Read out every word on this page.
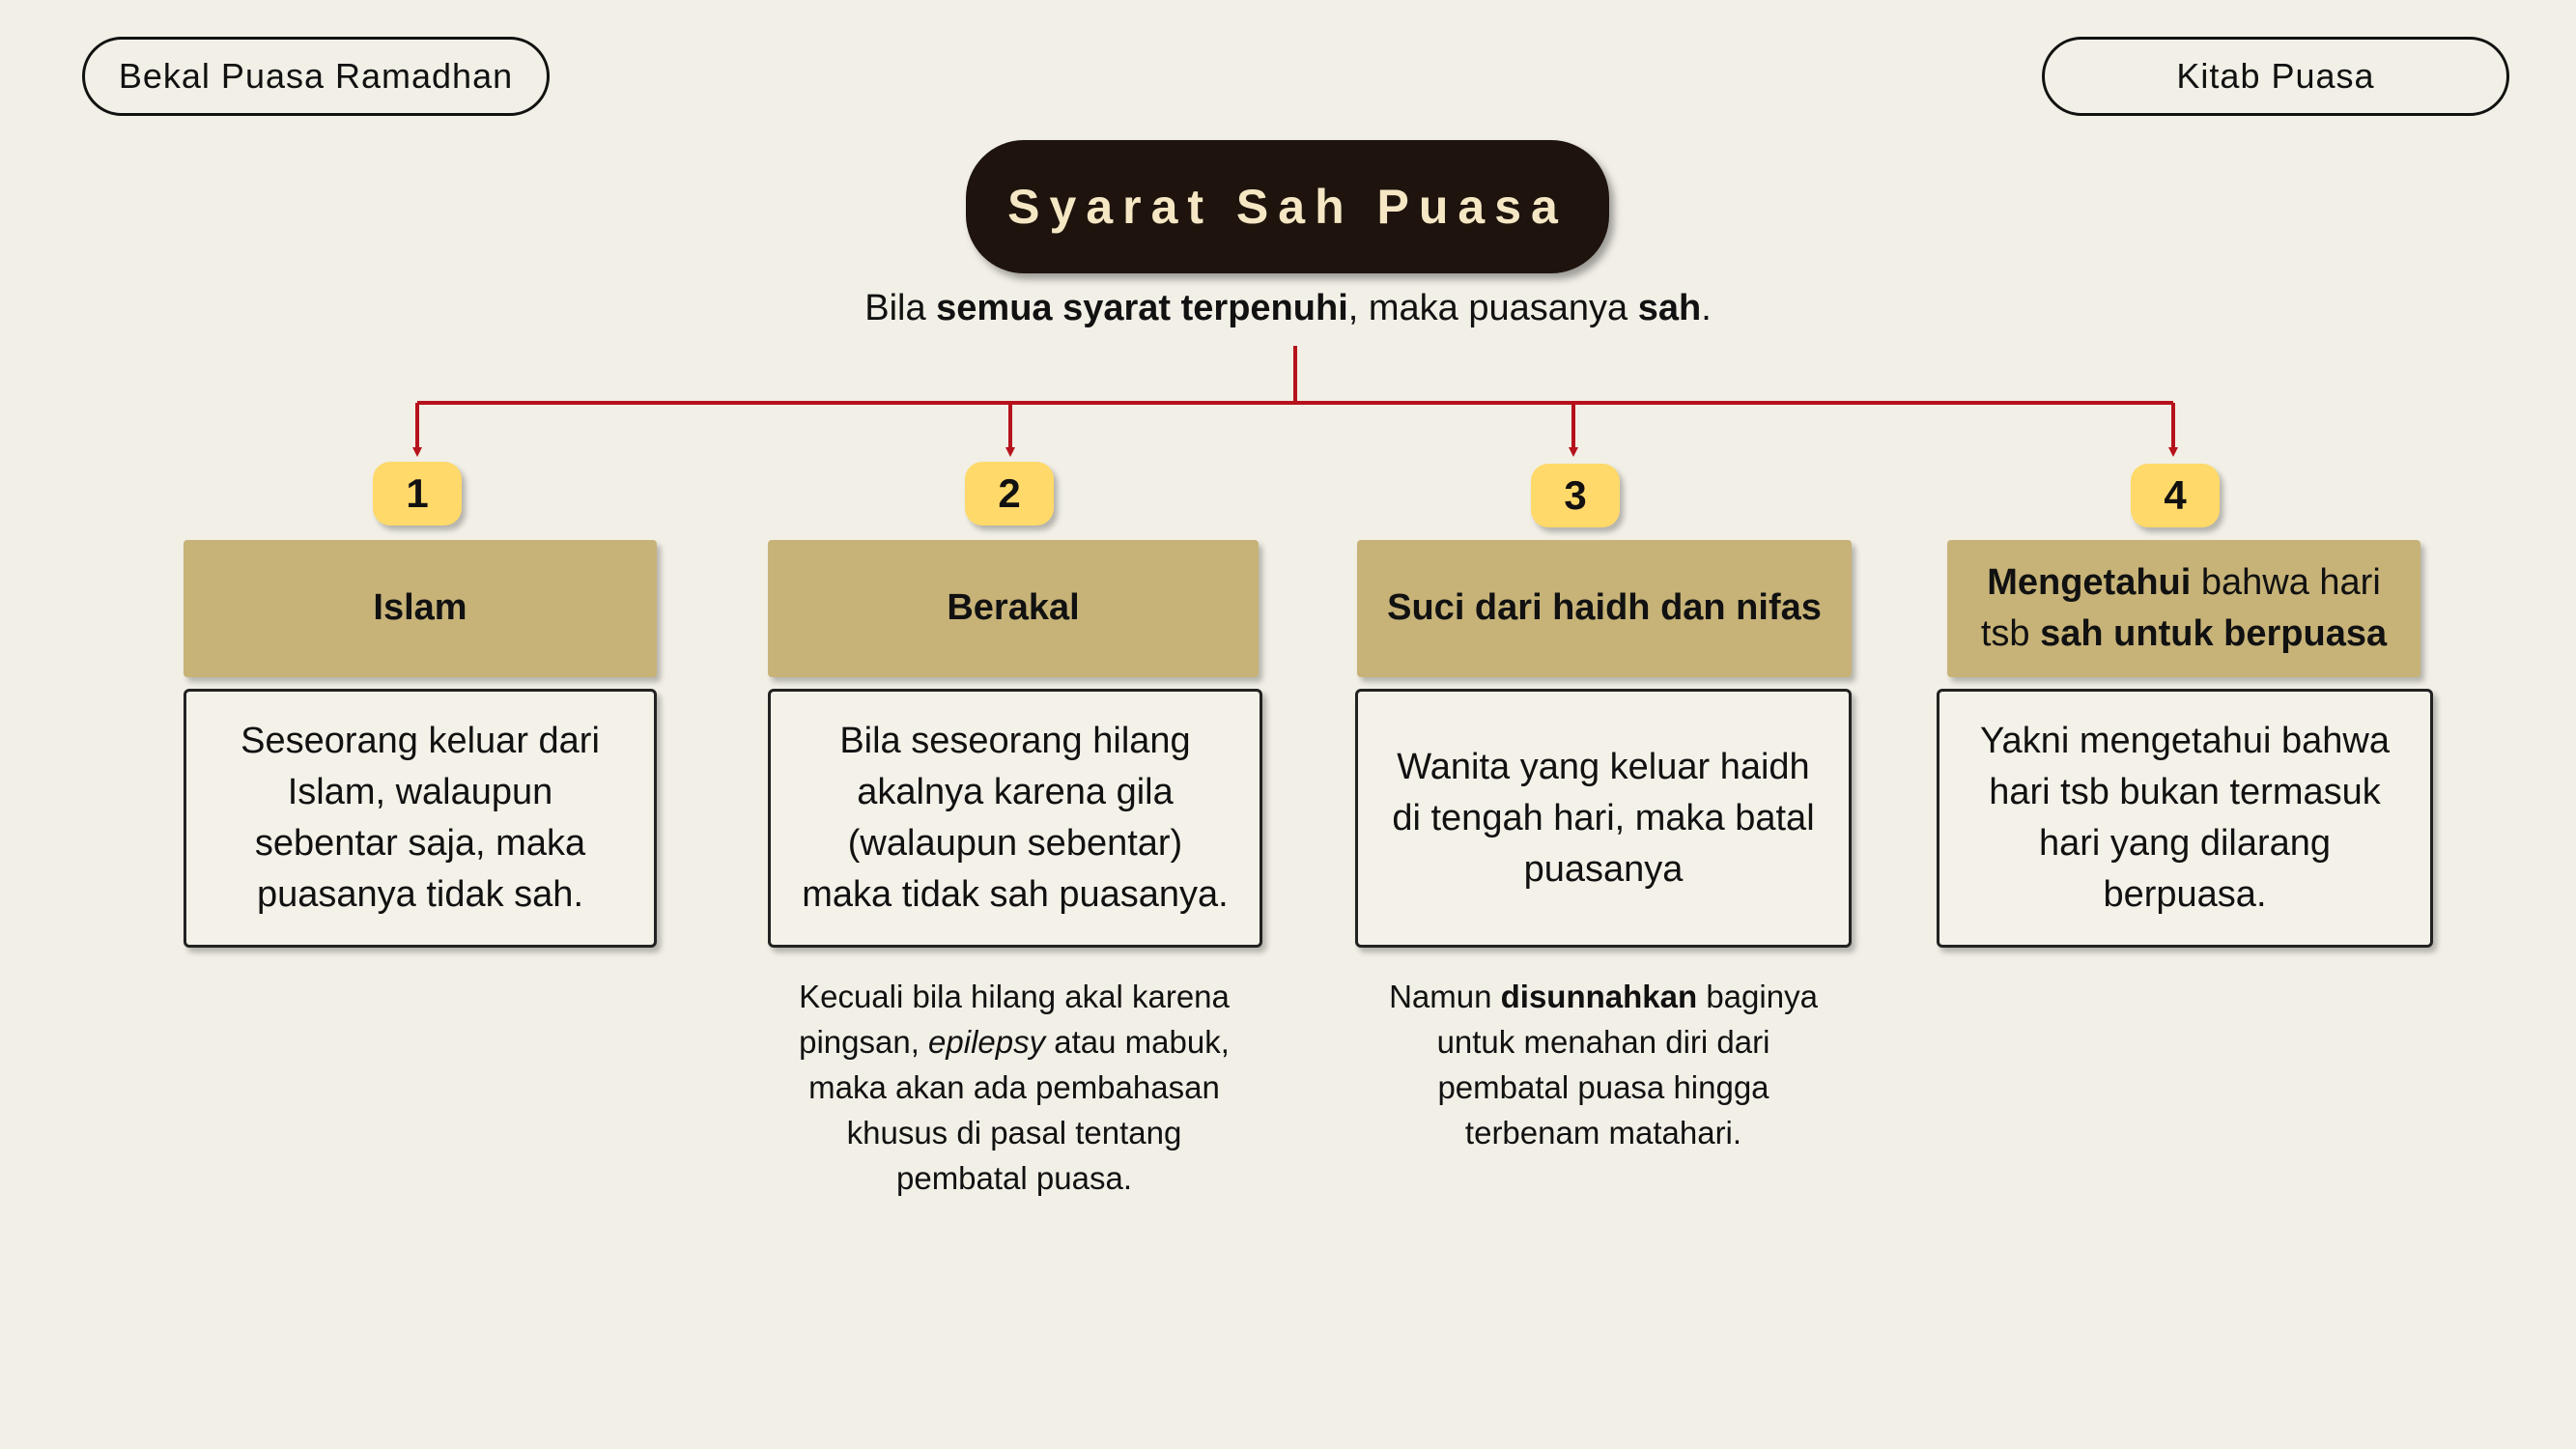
Bekal Puasa Ramadhan	Kitab Puasa
Syarat Sah Puasa
Bila semua syarat terpenuhi, maka puasanya sah.
1
Islam
Seseorang keluar dari
Islam, walaupun
sebentar saja, maka
puasanya tidak sah.
2
Berakal
Bila seseorang hilang
akalnya karena gila
(walaupun sebentar)
maka tidak sah puasanya.
Kecuali bila hilang akal karena
pingsan, epilepsy atau mabuk,
maka akan ada pembahasan
khusus di pasal tentang
pembatal puasa.
3
Suci dari haidh dan nifas
Wanita yang keluar haidh
di tengah hari, maka batal
puasanya
Namun disunnahkan baginya
untuk menahan diri dari
pembatal puasa hingga
terbenam matahari.
4
Mengetahui bahwa hari
tsb sah untuk berpuasa
Yakni mengetahui bahwa
hari tsb bukan termasuk
hari yang dilarang
berpuasa.
